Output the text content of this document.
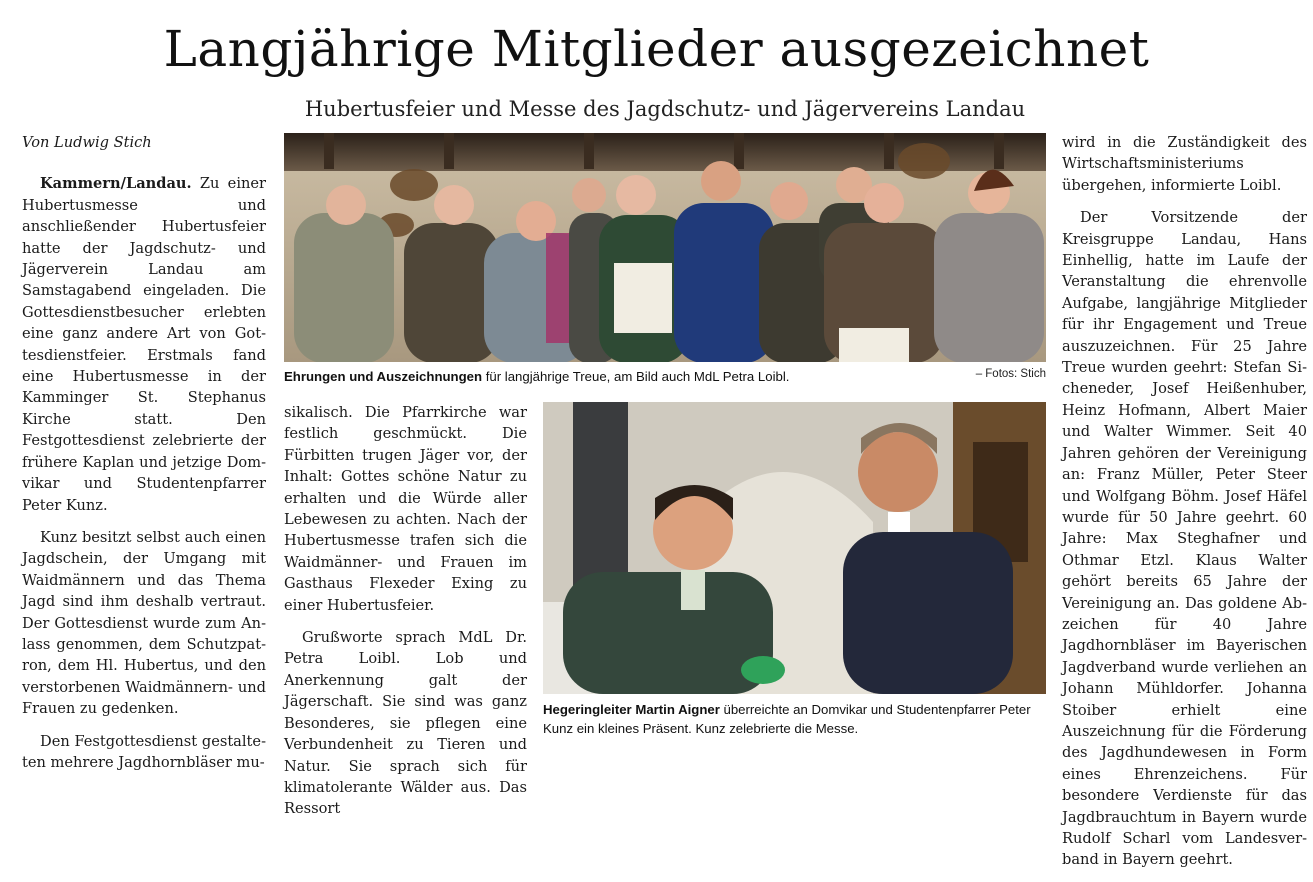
Langjährige Mitglieder ausgezeichnet
Hubertusfeier und Messe des Jagdschutz- und Jägervereins Landau

Von Ludwig Stich

Kammern/Landau. Zu einer Hubertusmesse und anschließender Hubertusfeier hatte der Jagdschutz- und Jägerverein Landau am Samstagabend eingeladen. Die Gottesdienstbesucher erlebten eine ganz andere Art von Gottesdienstfeier. Erstmals fand eine Hubertusmesse in der Kamminger St. Stephanus Kirche statt. Den Festgottesdienst zelebrierte der frühere Kaplan und jetzige Domvikar und Studentenpfarrer Peter Kunz.

Kunz besitzt selbst auch einen Jagdschein, der Umgang mit Waidmännern und das Thema Jagd sind ihm deshalb vertraut. Der Gottesdienst wurde zum Anlass genommen, dem Schutzpatron, dem Hl. Hubertus, und den verstorbenen Waidmännern- und Frauen zu gedenken.

Den Festgottesdienst gestalteten mehrere Jagdhornbläser mu-

Ehrungen und Auszeichnungen für langjährige Treue, am Bild auch MdL Petra Loibl.	– Fotos: Stich

sikalisch. Die Pfarrkirche war festlich geschmückt. Die Fürbitten trugen Jäger vor, der Inhalt: Gottes schöne Natur zu erhalten und die Würde aller Lebewesen zu achten. Nach der Hubertusmesse trafen sich die Waidmänner- und Frauen im Gasthaus Flexeder Exing zu einer Hubertusfeier.

Grußworte sprach MdL Dr. Petra Loibl. Lob und Anerkennung galt der Jägerschaft. Sie sind was ganz Besonderes, sie pflegen eine Verbundenheit zu Tieren und Natur. Sie sprach sich für klimatolerante Wälder aus. Das Ressort

Hegeringleiter Martin Aigner überreichte an Domvikar und Studentenpfarrer Peter Kunz ein kleines Präsent. Kunz zelebrierte die Messe.

wird in die Zuständigkeit des Wirtschaftsministeriums übergehen, informierte Loibl.

Der Vorsitzende der Kreisgruppe Landau, Hans Einhellig, hatte im Laufe der Veranstaltung die ehrenvolle Aufgabe, langjährige Mitglieder für ihr Engagement und Treue auszuzeichnen. Für 25 Jahre Treue wurden geehrt: Stefan Sicheneder, Josef Heißenhuber, Heinz Hofmann, Albert Maier und Walter Wimmer. Seit 40 Jahren gehören der Vereinigung an: Franz Müller, Peter Steer und Wolfgang Böhm. Josef Häfel wurde für 50 Jahre geehrt. 60 Jahre: Max Steghafner und Othmar Etzl. Klaus Walter gehört bereits 65 Jahre der Vereinigung an. Das goldene Abzeichen für 40 Jahre Jagdhornbläser im Bayerischen Jagdverband wurde verliehen an Johann Mühldorfer. Johanna Stoiber erhielt eine Auszeichnung für die Förderung des Jagdhundewesen in Form eines Ehrenzeichens. Für besondere Verdienste für das Jagdbrauchtum in Bayern wurde Rudolf Scharl vom Landesverband in Bayern geehrt.
